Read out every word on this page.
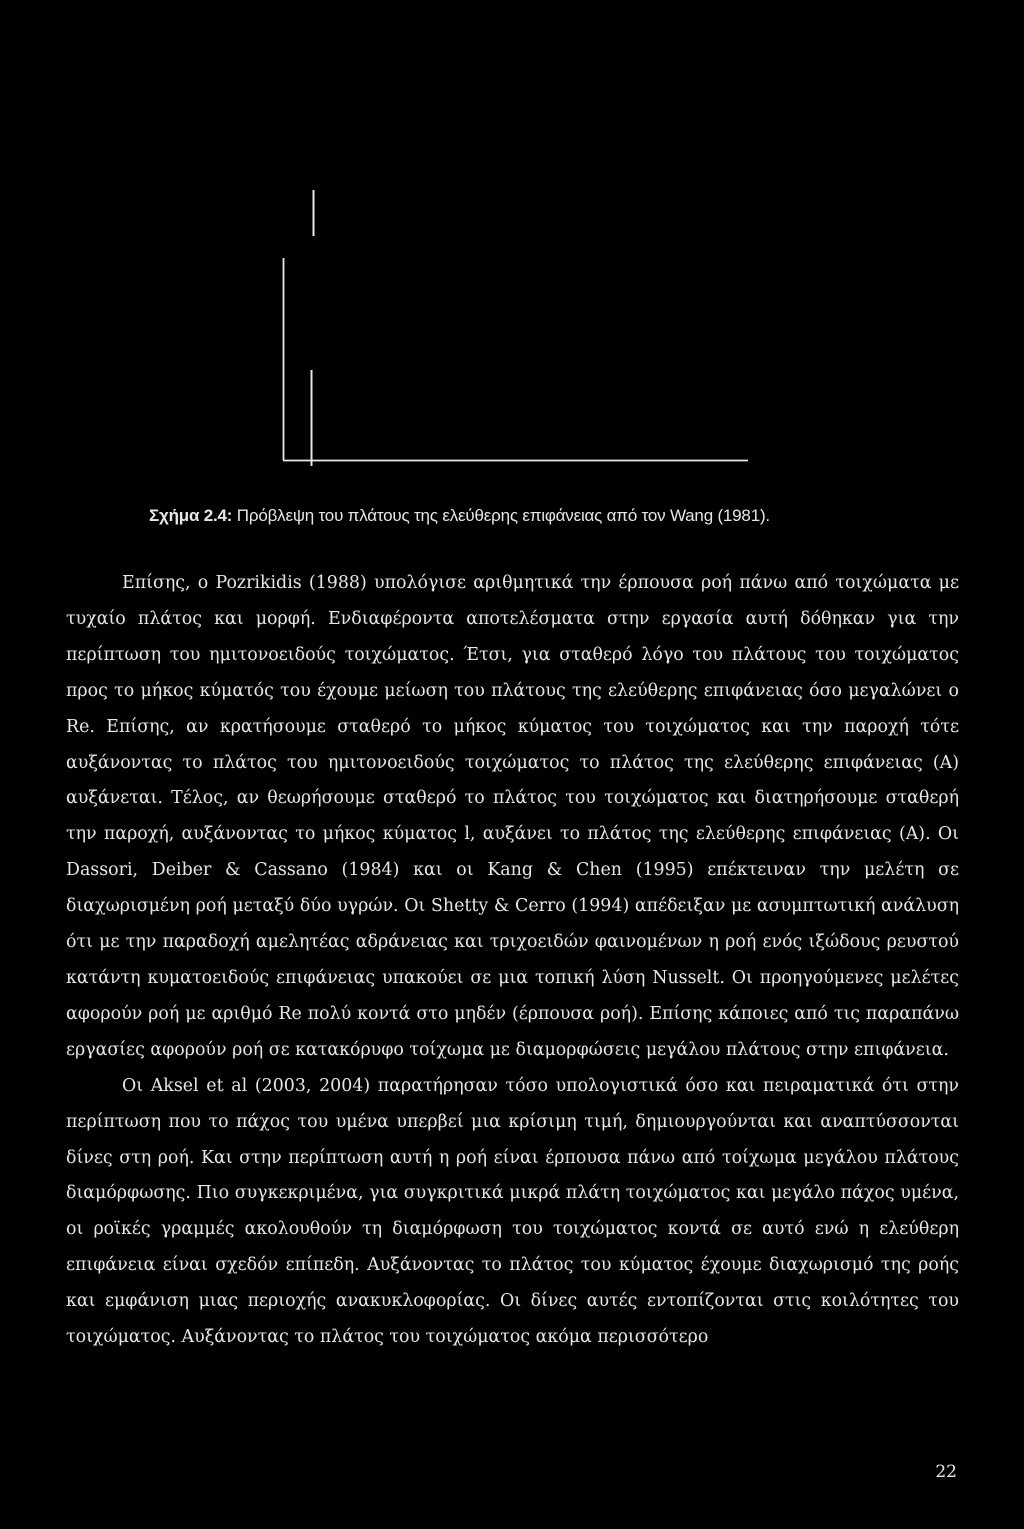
Σχήμα 2.4: Πρόβλεψη του πλάτους της ελεύθερης επιφάνειας από τον Wang (1981).

Επίσης, ο Pozrikidis (1988) υπολόγισε αριθμητικά την έρπουσα ροή πάνω από τοιχώματα με τυχαίο πλάτος και μορφή. Ενδιαφέροντα αποτελέσματα στην εργασία αυτή δόθηκαν για την περίπτωση του ημιτονοειδούς τοιχώματος. Έτσι, για σταθερό λόγο του πλάτους του τοιχώματος προς το μήκος κύματός του έχουμε μείωση του πλάτους της ελεύθερης επιφάνειας όσο μεγαλώνει ο Re. Επίσης, αν κρατήσουμε σταθερό το μήκος κύματος του τοιχώματος και την παροχή τότε αυξάνοντας το πλάτος του ημιτονοειδούς τοιχώματος το πλάτος της ελεύθερης επιφάνειας (A) αυξάνεται. Τέλος, αν θεωρήσουμε σταθερό το πλάτος του τοιχώματος και διατηρήσουμε σταθερή την παροχή, αυξάνοντας το μήκος κύματος l, αυξάνει το πλάτος της ελεύθερης επιφάνειας (A). Οι Dassori, Deiber & Cassano (1984) και οι Kang & Chen (1995) επέκτειναν την μελέτη σε διαχωρισμένη ροή μεταξύ δύο υγρών. Οι Shetty & Cerro (1994) απέδειξαν με ασυμπτωτική ανάλυση ότι με την παραδοχή αμελητέας αδράνειας και τριχοειδών φαινομένων η ροή ενός ιξώδους ρευστού κατάντη κυματοειδούς επιφάνειας υπακούει σε μια τοπική λύση Nusselt. Οι προηγούμενες μελέτες αφορούν ροή με αριθμό Re πολύ κοντά στο μηδέν (έρπουσα ροή). Επίσης κάποιες από τις παραπάνω εργασίες αφορούν ροή σε κατακόρυφο τοίχωμα με διαμορφώσεις μεγάλου πλάτους στην επιφάνεια.

Οι Aksel et al (2003, 2004) παρατήρησαν τόσο υπολογιστικά όσο και πειραματικά ότι στην περίπτωση που το πάχος του υμένα υπερβεί μια κρίσιμη τιμή, δημιουργούνται και αναπτύσσονται δίνες στη ροή. Και στην περίπτωση αυτή η ροή είναι έρπουσα πάνω από τοίχωμα μεγάλου πλάτους διαμόρφωσης. Πιο συγκεκριμένα, για συγκριτικά μικρά πλάτη τοιχώματος και μεγάλο πάχος υμένα, οι ροϊκές γραμμές ακολουθούν τη διαμόρφωση του τοιχώματος κοντά σε αυτό ενώ η ελεύθερη επιφάνεια είναι σχεδόν επίπεδη. Αυξάνοντας το πλάτος του κύματος έχουμε διαχωρισμό της ροής και εμφάνιση μιας περιοχής ανακυκλοφορίας. Οι δίνες αυτές εντοπίζονται στις κοιλότητες του τοιχώματος. Αυξάνοντας το πλάτος του τοιχώματος ακόμα περισσότερο

22
